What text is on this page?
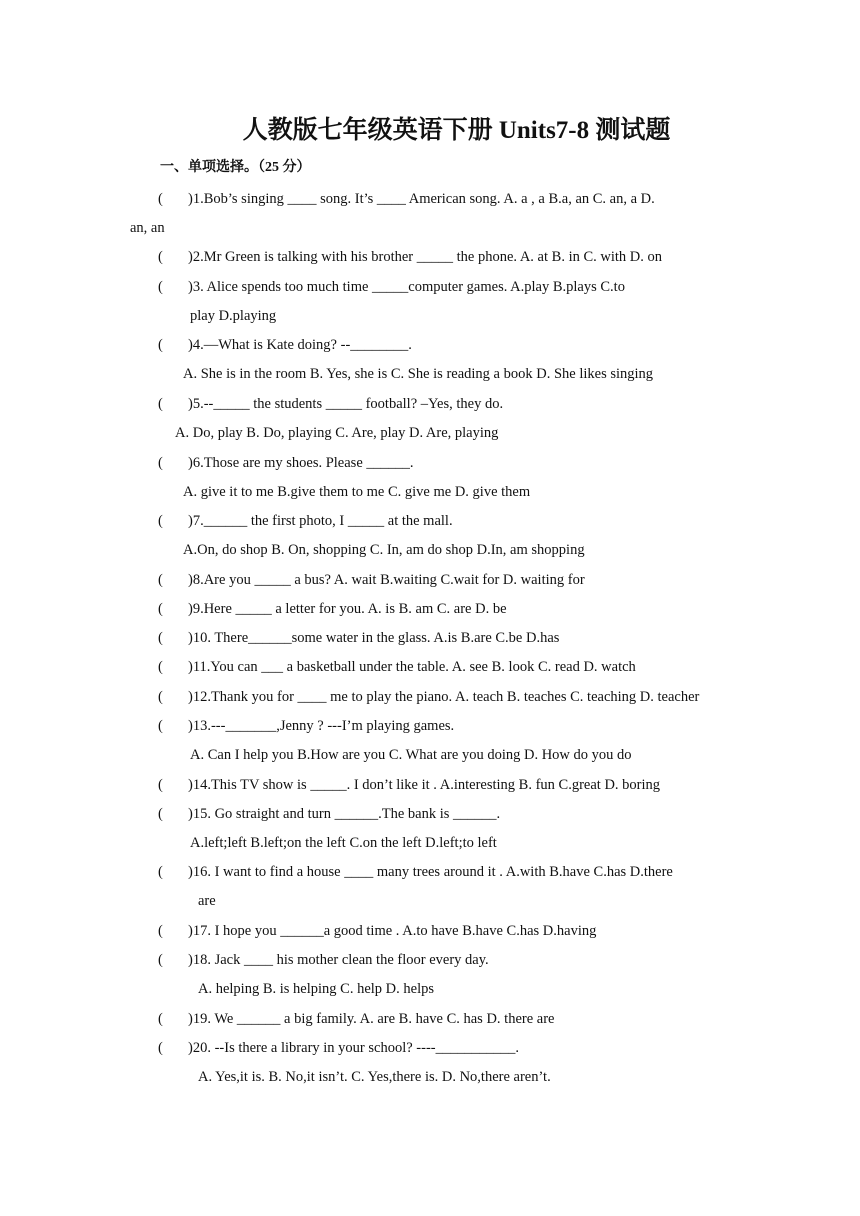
人教版七年级英语下册 Units7-8 测试题
一、单项选择。（25 分）
( )1.Bob’s singing ____ song. It’s ____ American song. A. a , a B.a, an C. an, a D.
an, an
( )2.Mr Green is talking with his brother _____ the phone. A. at B. in C. with D. on
( )3. Alice spends too much time _____computer games. A.play B.plays C.to
play D.playing
( )4.—What is Kate doing? --________.
A. She is in the room B. Yes, she is C. She is reading a book D. She likes singing
( )5.--_____ the students _____ football? –Yes, they do.
A. Do, play B. Do, playing C. Are, play D. Are, playing
( )6.Those are my shoes. Please ______.
A. give it to me B.give them to me C. give me D. give them
( )7.______ the first photo, I _____ at the mall.
A.On, do shop B. On, shopping C. In, am do shop D.In, am shopping
( )8.Are you _____ a bus? A. wait B.waiting C.wait for D. waiting for
( )9.Here _____ a letter for you. A. is B. am C. are D. be
( )10. There______some water in the glass. A.is B.are C.be D.has
( )11.You can ___ a basketball under the table. A. see B. look C. read D. watch
( )12.Thank you for ____ me to play the piano. A. teach B. teaches C. teaching D. teacher
( )13.---_______,Jenny ? ---I’m playing games.
A. Can I help you B.How are you C. What are you doing D. How do you do
( )14.This TV show is _____. I don’t like it . A.interesting B. fun C.great D. boring
( )15. Go straight and turn ______.The bank is ______.
A.left;left B.left;on the left C.on the left D.left;to left
( )16. I want to find a house ____ many trees around it . A.with B.have C.has D.there
are
( )17. I hope you ______a good time . A.to have B.have C.has D.having
( )18. Jack ____ his mother clean the floor every day.
A. helping B. is helping C. help D. helps
( )19. We ______ a big family. A. are B. have C. has D. there are
( )20. --Is there a library in your school? ----___________.
A. Yes,it is. B. No,it isn’t. C. Yes,there is. D. No,there aren’t.
